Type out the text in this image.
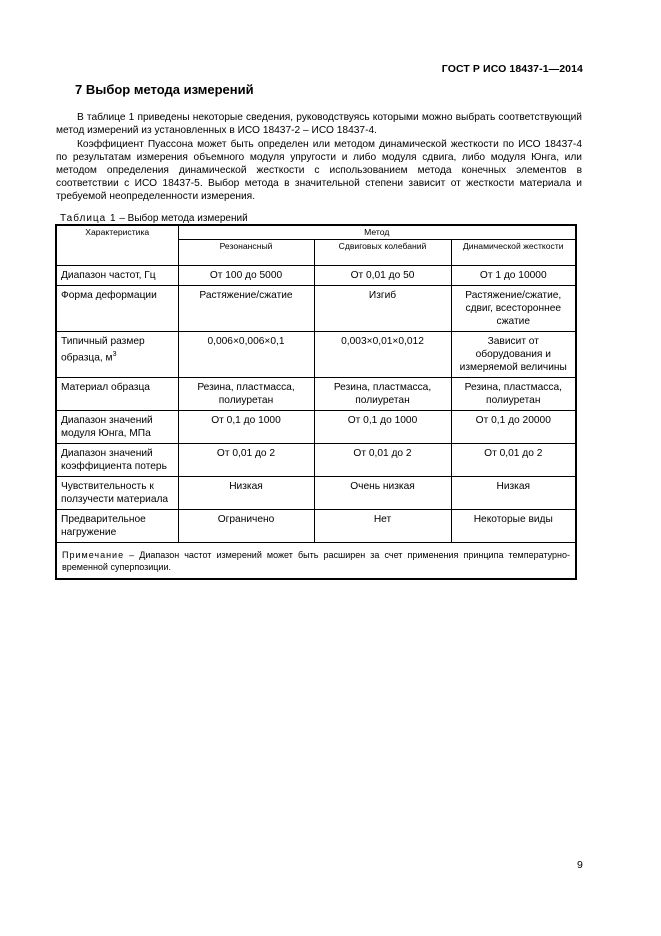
ГОСТ Р ИСО 18437-1—2014
7 Выбор метода измерений

В таблице 1 приведены некоторые сведения, руководствуясь которыми можно выбрать соответствующий метод измерений из установленных в ИСО 18437-2 – ИСО 18437-4.

Коэффициент Пуассона может быть определен или методом динамической жесткости по ИСО 18437-4 по результатам измерения объемного модуля упругости и либо модуля сдвига, либо модуля Юнга, или методом определения динамической жесткости с использованием метода конечных элементов в соответствии с ИСО 18437-5. Выбор метода в значительной степени зависит от жесткости материала и требуемой неопределенности измерения.

Таблица 1 – Выбор метода измерений
Характеристика	Метод		
	Резонансный	Сдвиговых колебаний	Динамической жесткости
Диапазон частот, Гц	От 100 до 5000	От 0,01 до 50	От 1 до 10000
Форма деформации	Растяжение/сжатие	Изгиб	Растяжение/сжатие, сдвиг, всестороннее сжатие
Типичный размер образца, $м^3$	0,006×0,006×0,1	0,003×0,01×0,012	Зависит от оборудования и измеряемой величины
Материал образца	Резина, пластмасса, полиуретан	Резина, пластмасса, полиуретан	Резина, пластмасса, полиуретан
Диапазон значений модуля Юнга, МПа	От 0,1 до 1000	От 0,1 до 1000	От 0,1 до 20000
Диапазон значений коэффициента потерь	От 0,01 до 2	От 0,01 до 2	От 0,01 до 2
Чувствительность к ползучести материала	Низкая	Очень низкая	Низкая
Предварительное нагружение	Ограничено	Нет	Некоторые виды
Примечание – Диапазон частот измерений может быть расширен за счет применения принципа температурно-временной суперпозиции.			
9
